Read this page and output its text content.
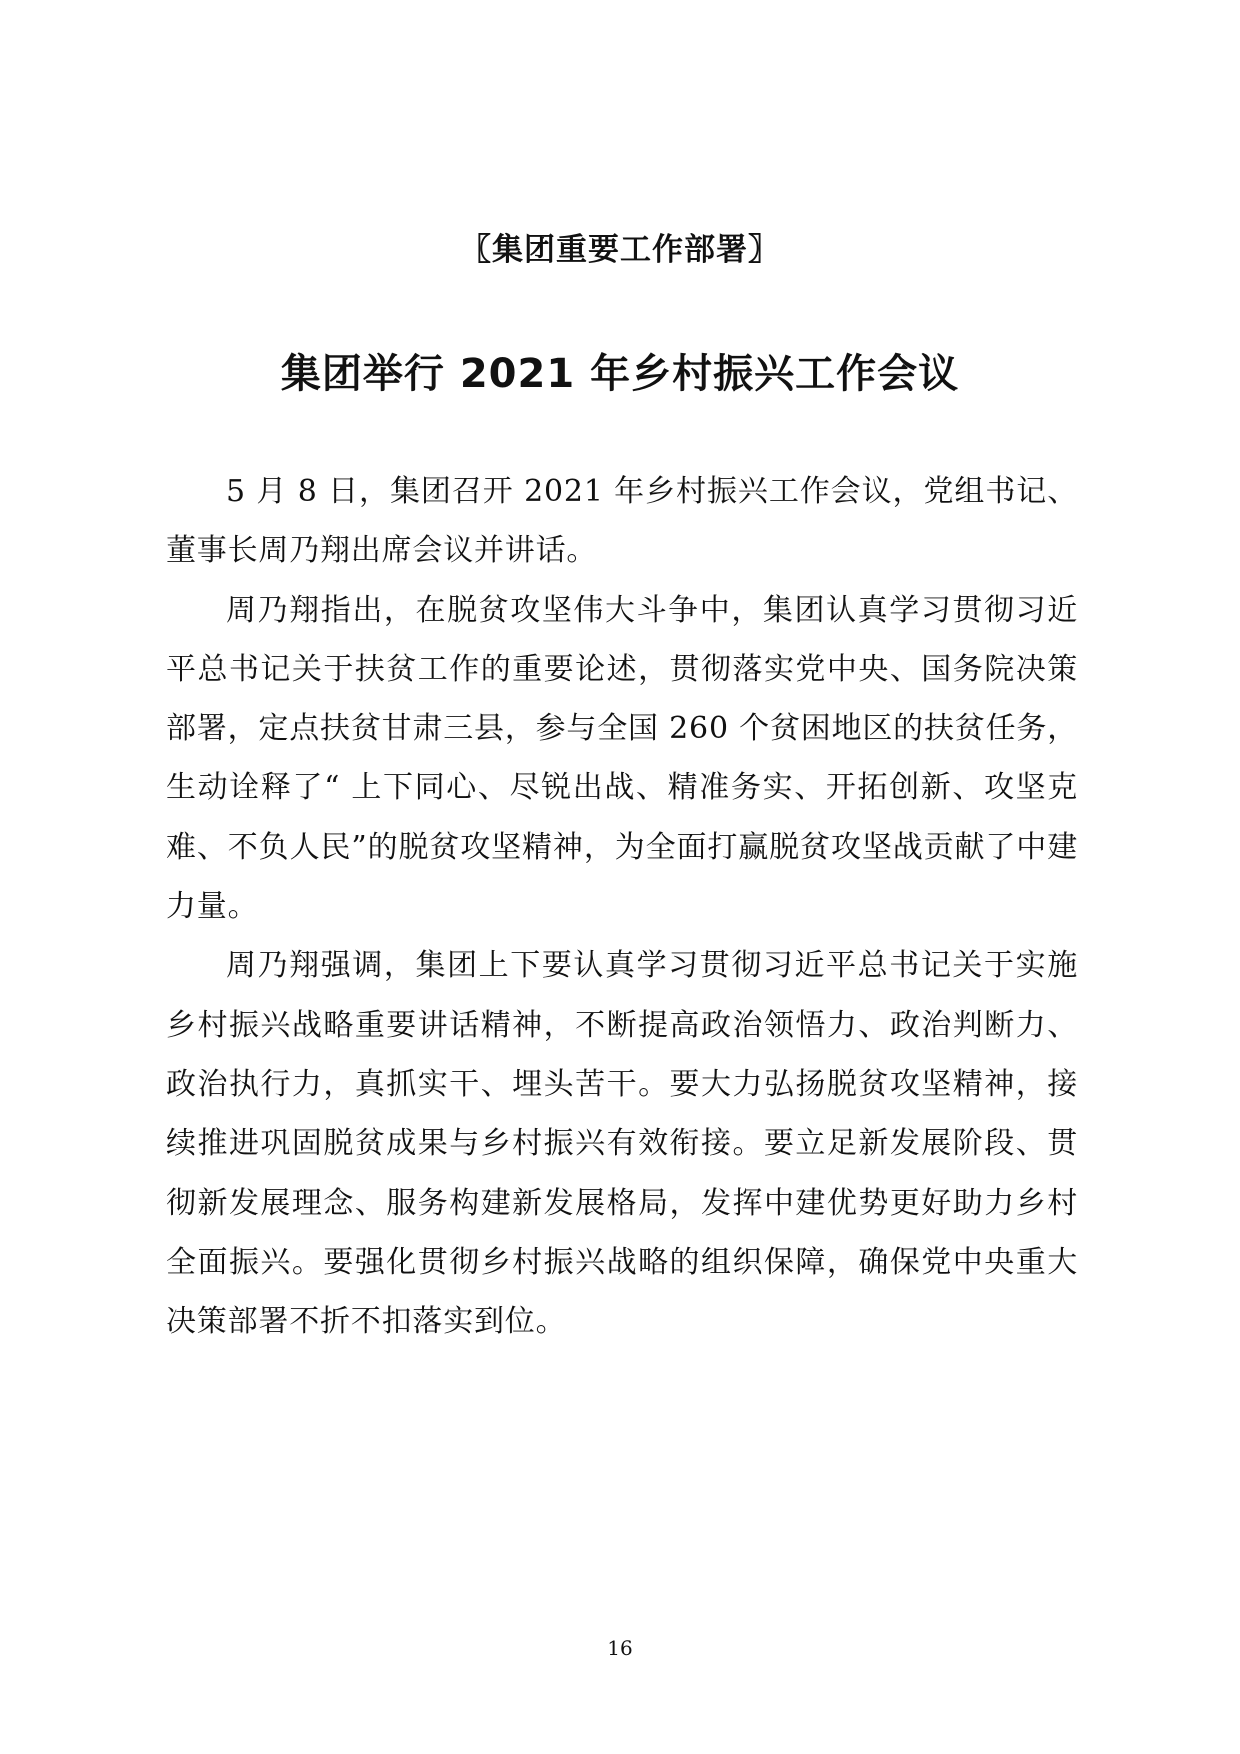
〖集团重要工作部署〗
集团举行 2021 年乡村振兴工作会议

5 月 8 日，集团召开 2021 年乡村振兴工作会议，党组书记、董事长周乃翔出席会议并讲话。

周乃翔指出，在脱贫攻坚伟大斗争中，集团认真学习贯彻习近平总书记关于扶贫工作的重要论述，贯彻落实党中央、国务院决策部署，定点扶贫甘肃三县，参与全国 260 个贫困地区的扶贫任务，生动诠释了“ 上下同心、尽锐出战、精准务实、开拓创新、攻坚克难、不负人民”的脱贫攻坚精神，为全面打赢脱贫攻坚战贡献了中建力量。

周乃翔强调，集团上下要认真学习贯彻习近平总书记关于实施乡村振兴战略重要讲话精神，不断提高政治领悟力、政治判断力、政治执行力，真抓实干、埋头苦干。要大力弘扬脱贫攻坚精神，接续推进巩固脱贫成果与乡村振兴有效衔接。要立足新发展阶段、贯彻新发展理念、服务构建新发展格局，发挥中建优势更好助力乡村全面振兴。要强化贯彻乡村振兴战略的组织保障，确保党中央重大决策部署不折不扣落实到位。

16
